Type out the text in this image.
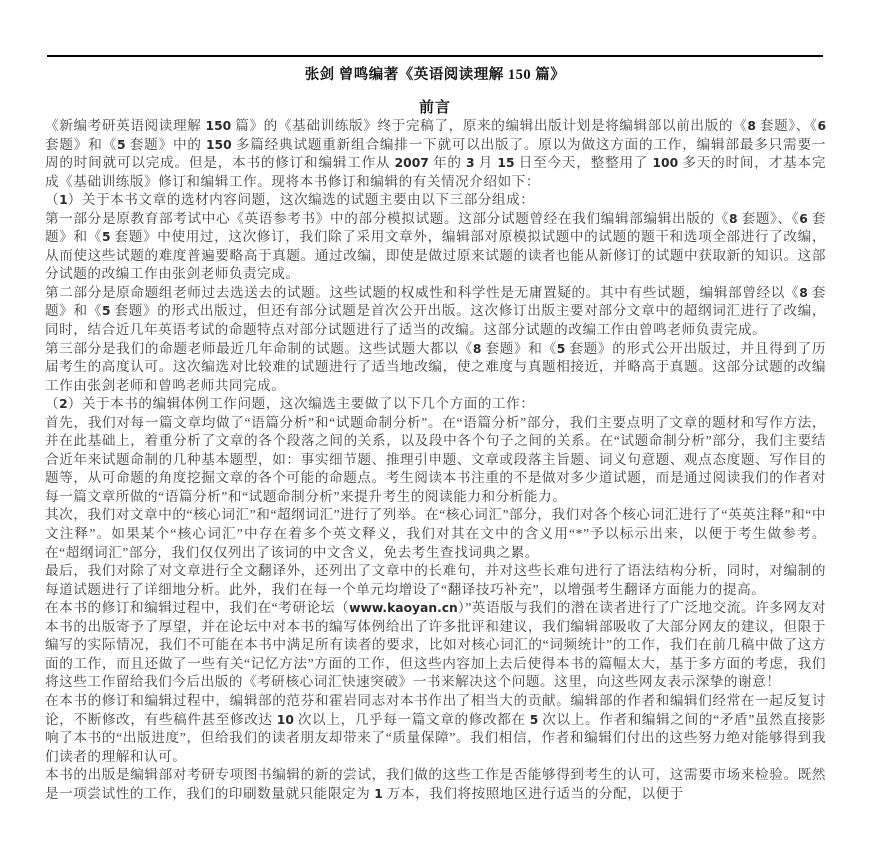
张剑 曾鸣编著《英语阅读理解 150 篇》
前言

《新编考研英语阅读理解 150 篇》的《基础训练版》终于完稿了，原来的编辑出版计划是将编辑部以前出版的《8 套题》、《6 套题》和《5 套题》中的 150 多篇经典试题重新组合编排一下就可以出版了。原以为做这方面的工作，编辑部最多只需要一周的时间就可以完成。但是，本书的修订和编辑工作从 2007 年的 3 月 15 日至今天，整整用了 100 多天的时间，才基本完成《基础训练版》修订和编辑工作。现将本书修订和编辑的有关情况介绍如下：

（1）关于本书文章的选材内容问题，这次编选的试题主要由以下三部分组成：

第一部分是原教育部考试中心《英语参考书》中的部分模拟试题。这部分试题曾经在我们编辑部编辑出版的《8 套题》、《6 套题》和《5 套题》中使用过，这次修订，我们除了采用文章外，编辑部对原模拟试题中的试题的题干和选项全部进行了改编，从而使这些试题的难度普遍要略高于真题。通过改编，即使是做过原来试题的读者也能从新修订的试题中获取新的知识。这部分试题的改编工作由张剑老师负责完成。

第二部分是原命题组老师过去选送去的试题。这些试题的权威性和科学性是无庸置疑的。其中有些试题，编辑部曾经以《8 套题》和《5 套题》的形式出版过，但还有部分试题是首次公开出版。这次修订出版主要对部分文章中的超纲词汇进行了改编，同时，结合近几年英语考试的命题特点对部分试题进行了适当的改编。这部分试题的改编工作由曾鸣老师负责完成。

第三部分是我们的命题老师最近几年命制的试题。这些试题大都以《8 套题》和《5 套题》的形式公开出版过，并且得到了历届考生的高度认可。这次编选对比较难的试题进行了适当地改编，使之难度与真题相接近，并略高于真题。这部分试题的改编工作由张剑老师和曾鸣老师共同完成。

（2）关于本书的编辑体例工作问题，这次编选主要做了以下几个方面的工作：

首先，我们对每一篇文章均做了“语篇分析”和“试题命制分析”。在“语篇分析”部分，我们主要点明了文章的题材和写作方法，并在此基础上，着重分析了文章的各个段落之间的关系，以及段中各个句子之间的关系。在“试题命制分析”部分，我们主要结合近年来试题命制的几种基本题型，如：事实细节题、推理引申题、文章或段落主旨题、词义句意题、观点态度题、写作目的题等，从可命题的角度挖掘文章的各个可能的命题点。考生阅读本书注重的不是做对多少道试题，而是通过阅读我们的作者对每一篇文章所做的“语篇分析”和“试题命制分析”来提升考生的阅读能力和分析能力。

其次，我们对文章中的“核心词汇”和“超纲词汇”进行了列举。在“核心词汇”部分，我们对各个核心词汇进行了“英英注释”和“中文注释”。如果某个“核心词汇”中存在着多个英文释义，我们对其在文中的含义用“*”予以标示出来，以便于考生做参考。在“超纲词汇”部分，我们仅仅列出了该词的中文含义，免去考生查找词典之累。

最后，我们对除了对文章进行全文翻译外，还列出了文章中的长难句，并对这些长难句进行了语法结构分析，同时，对编制的每道试题进行了详细地分析。此外，我们在每一个单元均增设了“翻译技巧补充”，以增强考生翻译方面能力的提高。

在本书的修订和编辑过程中，我们在“考研论坛（www.kaoyan.cn）”英语版与我们的潜在读者进行了广泛地交流。许多网友对本书的出版寄予了厚望，并在论坛中对本书的编写体例给出了许多批评和建议，我们编辑部吸收了大部分网友的建议，但限于编写的实际情况，我们不可能在本书中满足所有读者的要求，比如对核心词汇的“词频统计”的工作，我们在前几稿中做了这方面的工作，而且还做了一些有关“记忆方法”方面的工作，但这些内容加上去后使得本书的篇幅太大，基于多方面的考虑，我们将这些工作留给我们今后出版的《考研核心词汇快速突破》一书来解决这个问题。这里，向这些网友表示深挚的谢意！

在本书的修订和编辑过程中，编辑部的范芬和霍岩同志对本书作出了相当大的贡献。编辑部的作者和编辑们经常在一起反复讨论，不断修改，有些稿件甚至修改达 10 次以上，几乎每一篇文章的修改都在 5 次以上。作者和编辑之间的“矛盾”虽然直接影响了本书的“出版进度”，但给我们的读者朋友却带来了“质量保障”。我们相信，作者和编辑们付出的这些努力绝对能够得到我们读者的理解和认可。

本书的出版是编辑部对考研专项图书编辑的新的尝试，我们做的这些工作是否能够得到考生的认可，这需要市场来检验。既然是一项尝试性的工作，我们的印刷数量就只能限定为 1 万本，我们将按照地区进行适当的分配，以便于
